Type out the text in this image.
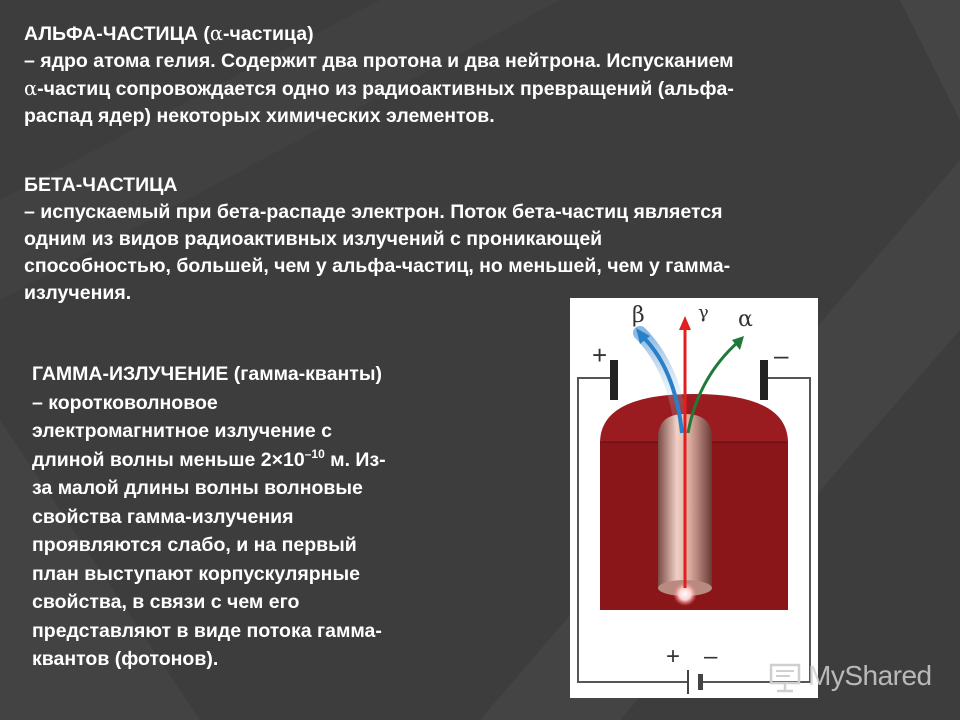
АЛЬФА-ЧАСТИЦА (α-частица)
– ядро атома гелия. Содержит два протона и два нейтрона. Испусканием
α-частиц сопровождается одно из радиоактивных превращений (альфа-
распад ядер) некоторых химических элементов.
БЕТА-ЧАСТИЦА
– испускаемый при бета-распаде электрон. Поток бета-частиц является
одним из видов радиоактивных излучений с проникающей
способностью, большей, чем у альфа-частиц, но меньшей, чем у гамма-
излучения.
ГАММА-ИЗЛУЧЕНИЕ (гамма-кванты)
– коротковолновое
электромагнитное излучение с
длиной волны меньше $2\times 10^{-10}$ м. Из-
за малой длины волны волновые
свойства гамма-излучения
проявляются слабо, и на первый
план выступают корпускулярные
свойства, в связи с чем его
представляют в виде потока гамма-
квантов (фотонов).
β	γ α
+	–
+ –
MyShared
